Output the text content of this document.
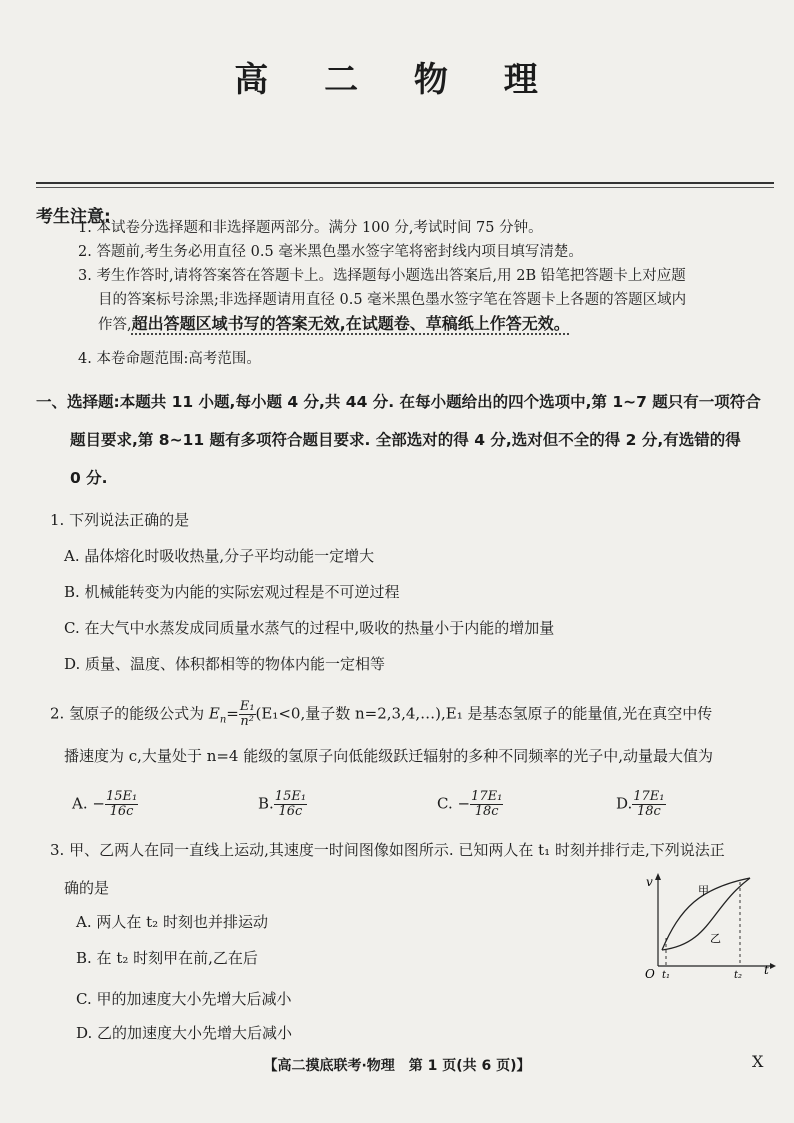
高 二 物 理
考生注意:
1. 本试卷分选择题和非选择题两部分。满分 100 分,考试时间 75 分钟。
2. 答题前,考生务必用直径 0.5 毫米黑色墨水签字笔将密封线内项目填写清楚。
3. 考生作答时,请将答案答在答题卡上。选择题每小题选出答案后,用 2B 铅笔把答题卡上对应题
目的答案标号涂黑;非选择题请用直径 0.5 毫米黑色墨水签字笔在答题卡上各题的答题区域内
作答,超出答题区域书写的答案无效,在试题卷、草稿纸上作答无效。
4. 本卷命题范围:高考范围。
一、选择题:本题共 11 小题,每小题 4 分,共 44 分. 在每小题给出的四个选项中,第 1~7 题只有一项符合
题目要求,第 8~11 题有多项符合题目要求. 全部选对的得 4 分,选对但不全的得 2 分,有选错的得
0 分.
1. 下列说法正确的是
A. 晶体熔化时吸收热量,分子平均动能一定增大
B. 机械能转变为内能的实际宏观过程是不可逆过程
C. 在大气中水蒸发成同质量水蒸气的过程中,吸收的热量小于内能的增加量
D. 质量、温度、体积都相等的物体内能一定相等
2. 氢原子的能级公式为 $E_n= \frac{\text{E₁}}{\text{n²}} (E_1<0$,量子数 n=2,3,4,…),E₁ 是基态氢原子的能量值,光在真空中传
播速度为 c,大量处于 n=4 能级的氢原子向低能级跃迁辐射的多种不同频率的光子中,动量最大值为
A. − $\frac{\text{15E₁}}{16c}$	B. $\frac{\text{15E₁}}{16c}$	C. − $\frac{\text{17E₁}}{18c}$	D. $\frac{\text{17E₁}}{18c}$
3. 甲、乙两人在同一直线上运动,其速度一时间图像如图所示. 已知两人在 t₁ 时刻并排行走,下列说法正
确的是
A. 两人在 t₂ 时刻也并排运动
B. 在 t₂ 时刻甲在前,乙在后
C. 甲的加速度大小先增大后减小
D. 乙的加速度大小先增大后减小
v
t
O t₁	t₂
甲
乙
【高二摸底联考·物理　第 1 页(共 6 页)】	X
